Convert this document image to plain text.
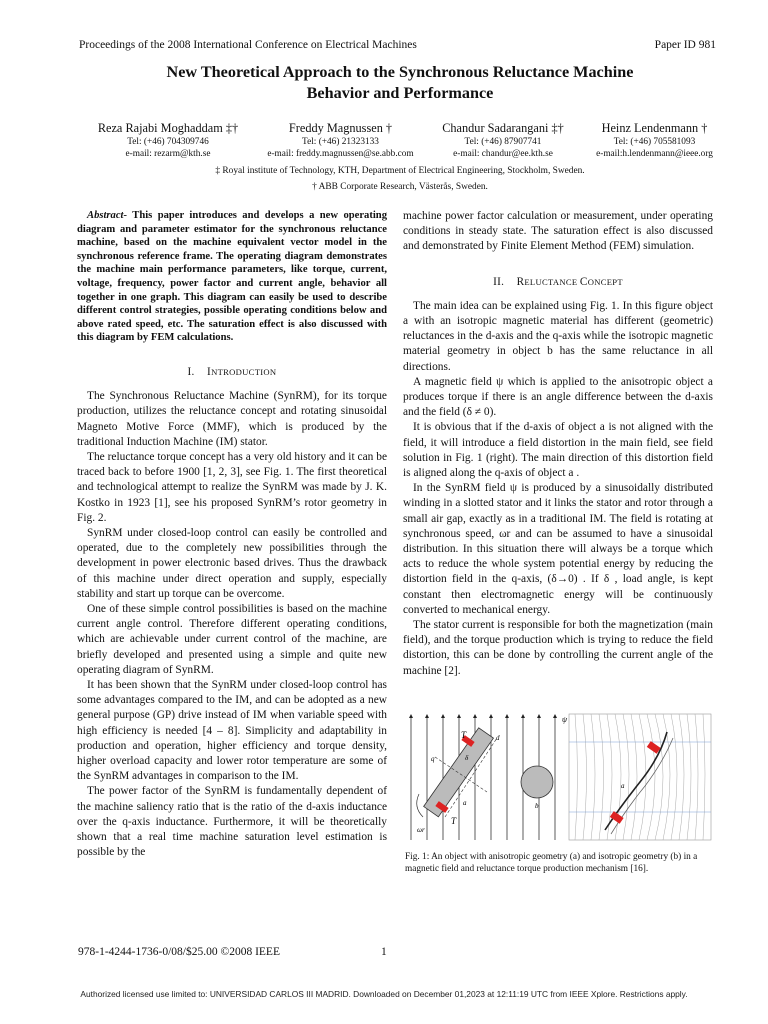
Proceedings of the 2008 International Conference on Electrical Machines	Paper ID 981
New Theoretical Approach to the Synchronous Reluctance Machine
Behavior and Performance
Reza Rajabi Moghaddam ‡†
Tel: (+46) 704309746
e-mail: rezarm@kth.se
Freddy Magnussen †
Tel: (+46) 21323133
e-mail: freddy.magnussen@se.abb.com
Chandur Sadarangani ‡†
Tel: (+46) 87907741
e-mail: chandur@ee.kth.se
Heinz Lendenmann †
Tel: (+46) 705581093
e-mail:h.lendenmann@ieee.org
‡ Royal institute of Technology, KTH, Department of Electrical Engineering, Stockholm, Sweden.
† ABB Corporate Research, Västerås, Sweden.

Abstract- This paper introduces and develops a new operating diagram and parameter estimator for the synchronous reluctance machine, based on the machine equivalent vector model in the synchronous reference frame. The operating diagram demonstrates the machine main performance parameters, like torque, current, voltage, frequency, power factor and current angle, behavior all together in one graph. This diagram can easily be used to describe different control strategies, possible operating conditions below and above rated speed, etc. The saturation effect is also discussed with this diagram by FEM calculations.

I. INTRODUCTION

The Synchronous Reluctance Machine (SynRM), for its torque production, utilizes the reluctance concept and rotating sinusoidal Magneto Motive Force (MMF), which is produced by the traditional Induction Machine (IM) stator.

The reluctance torque concept has a very old history and it can be traced back to before 1900 [1, 2, 3], see Fig. 1. The first theoretical and technological attempt to realize the SynRM was made by J. K. Kostko in 1923 [1], see his proposed SynRM’s rotor geometry in Fig. 2.

SynRM under closed-loop control can easily be controlled and operated, due to the completely new possibilities through the development in power electronic based drives. Thus the drawback of this machine under direct operation and supply, especially stability and start up torque can be overcome.

One of these simple control possibilities is based on the machine current angle control. Therefore different operating conditions, which are achievable under current control of the machine, are briefly developed and presented using a simple and quite new operating diagram of SynRM.

It has been shown that the SynRM under closed-loop control has some advantages compared to the IM, and can be adopted as a new general purpose (GP) drive instead of IM when variable speed with high efficiency is needed [4 – 8]. Simplicity and adaptability in production and operation, higher efficiency and torque density, higher overload capacity and lower rotor temperature are some of the SynRM advantages in comparison to the IM.

The power factor of the SynRM is fundamentally dependent of the machine saliency ratio that is the ratio of the d-axis inductance over the q-axis inductance. Furthermore, it will be theoretically shown that a real time machine saturation level estimation is possible by the

machine power factor calculation or measurement, under operating conditions in steady state. The saturation effect is also discussed and demonstrated by Finite Element Method (FEM) simulation.

II. RELUCTANCE CONCEPT

The main idea can be explained using Fig. 1. In this figure object a with an isotropic magnetic material has different (geometric) reluctances in the d-axis and the q-axis while the isotropic magnetic material geometry in object b has the same reluctance in all directions.

A magnetic field ψ which is applied to the anisotropic object a produces torque if there is an angle difference between the d-axis and the field (δ ≠ 0).

It is obvious that if the d-axis of object a is not aligned with the field, it will introduce a field distortion in the main field, see field solution in Fig. 1 (right). The main direction of this distortion field is aligned along the q-axis of object a .

In the SynRM field ψ is produced by a sinusoidally distributed winding in a slotted stator and it links the stator and rotor through a small air gap, exactly as in a traditional IM. The field is rotating at synchronous speed, ωr and can be assumed to have a sinusoidal distribution. In this situation there will always be a torque which acts to reduce the whole system potential energy by reducing the distortion field in the q-axis, (δ→0) . If δ , load angle, is kept constant then electromagnetic energy will be continuously converted to mechanical energy.

The stator current is responsible for both the magnetization (main field), and the torque production which is trying to reduce the field distortion, this can be done by controlling the current angle of the machine [2].

T
T
d
q	δ
a	b
ωr
ψ
a
Fig. 1: An object with anisotropic geometry (a) and isotropic geometry (b) in a magnetic field and reluctance torque production mechanism [16].
978-1-4244-1736-0/08/$25.00 ©2008 IEEE	1
Authorized licensed use limited to: UNIVERSIDAD CARLOS III MADRID. Downloaded on December 01,2023 at 12:11:19 UTC from IEEE Xplore. Restrictions apply.
